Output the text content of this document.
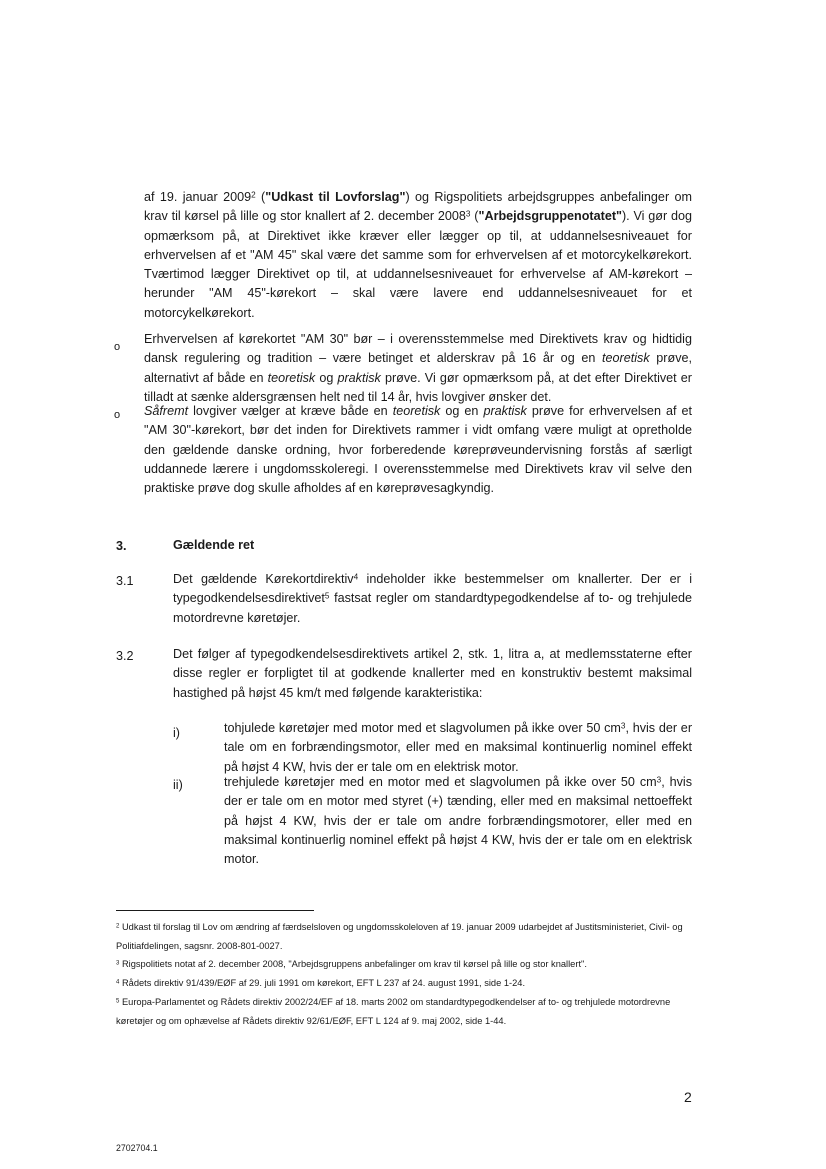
af 19. januar 2009$^2$ ("Udkast til Lovforslag") og Rigspolitiets arbejdsgruppes anbefalinger om krav til kørsel på lille og stor knallert af 2. december 2008$^3$ ("Arbejdsgruppenotatet"). Vi gør dog opmærksom på, at Direktivet ikke kræver eller lægger op til, at uddannelsesniveauet for erhvervelsen af et "AM 45" skal være det samme som for erhvervelsen af et motorcykelkørekort. Tværtimod lægger Direktivet op til, at uddannelsesniveauet for erhvervelse af AM-kørekort – herunder "AM 45"-kørekort – skal være lavere end uddannelsesniveauet for et motorcykelkørekort.

o

Erhvervelsen af kørekortet "AM 30" bør – i overensstemmelse med Direktivets krav og hidtidig dansk regulering og tradition – være betinget et alderskrav på 16 år og en teoretisk prøve, alternativt af både en teoretisk og praktisk prøve. Vi gør opmærksom på, at det efter Direktivet er tilladt at sænke aldersgrænsen helt ned til 14 år, hvis lovgiver ønsker det.

o Såfremt lovgiver vælger at kræve både en teoretisk og en praktisk prøve for erhvervelsen af et "AM 30"-kørekort, bør det inden for Direktivets rammer i vidt omfang være muligt at opretholde den gældende danske ordning, hvor forberedende køreprøveundervisning forstås af særligt uddannede lærere i ungdomsskoleregi. I overensstemmelse med Direktivets krav vil selve den praktiske prøve dog skulle afholdes af en køreprøvesagkyndig.

3.	Gældende ret
3.1	Det gældende Kørekortdirektiv$^4$ indeholder ikke bestemmelser om knallerter. Der er i typegodkendelsesdirektivet$^5$ fastsat regler om standardtypegodkendelse af to- og trehjulede motordrevne køretøjer.

3.2	Det følger af typegodkendelsesdirektivets artikel 2, stk. 1, litra a, at medlemsstaterne efter disse regler er forpligtet til at godkende knallerter med en konstruktiv bestemt maksimal hastighed på højst 45 km/t med følgende karakteristika:

i)	tohjulede køretøjer med motor med et slagvolumen på ikke over 50 $cm^3$, hvis der er tale om en forbrændingsmotor, eller med en maksimal kontinuerlig nominel effekt på højst 4 KW, hvis der er tale om en elektrisk motor.

ii)	trehjulede køretøjer med en motor med et slagvolumen på ikke over 50 $cm^3$, hvis der er tale om en motor med styret (+) tænding, eller med en maksimal nettoeffekt på højst 4 KW, hvis der er tale om andre forbrændingsmotorer, eller med en maksimal kontinuerlig nominel effekt på højst 4 KW, hvis der er tale om en elektrisk motor.

$^2$ Udkast til forslag til Lov om ændring af færdselsloven og ungdomsskoleloven af 19. januar 2009 udarbejdet af Justitsministeriet, Civil- og Politiafdelingen, sagsnr. 2008-801-0027.

$^3$ Rigspolitiets notat af 2. december 2008, "Arbejdsgruppens anbefalinger om krav til kørsel på lille og stor knallert".

$^4$ Rådets direktiv 91/439/EØF af 29. juli 1991 om kørekort, EFT L 237 af 24. august 1991, side 1-24.

$^5$ Europa-Parlamentet og Rådets direktiv 2002/24/EF af 18. marts 2002 om standardtypegodkendelser af to- og trehjulede motordrevne køretøjer og om ophævelse af Rådets direktiv 92/61/EØF, EFT L 124 af 9. maj 2002, side 1-44.

2
2702704.1
